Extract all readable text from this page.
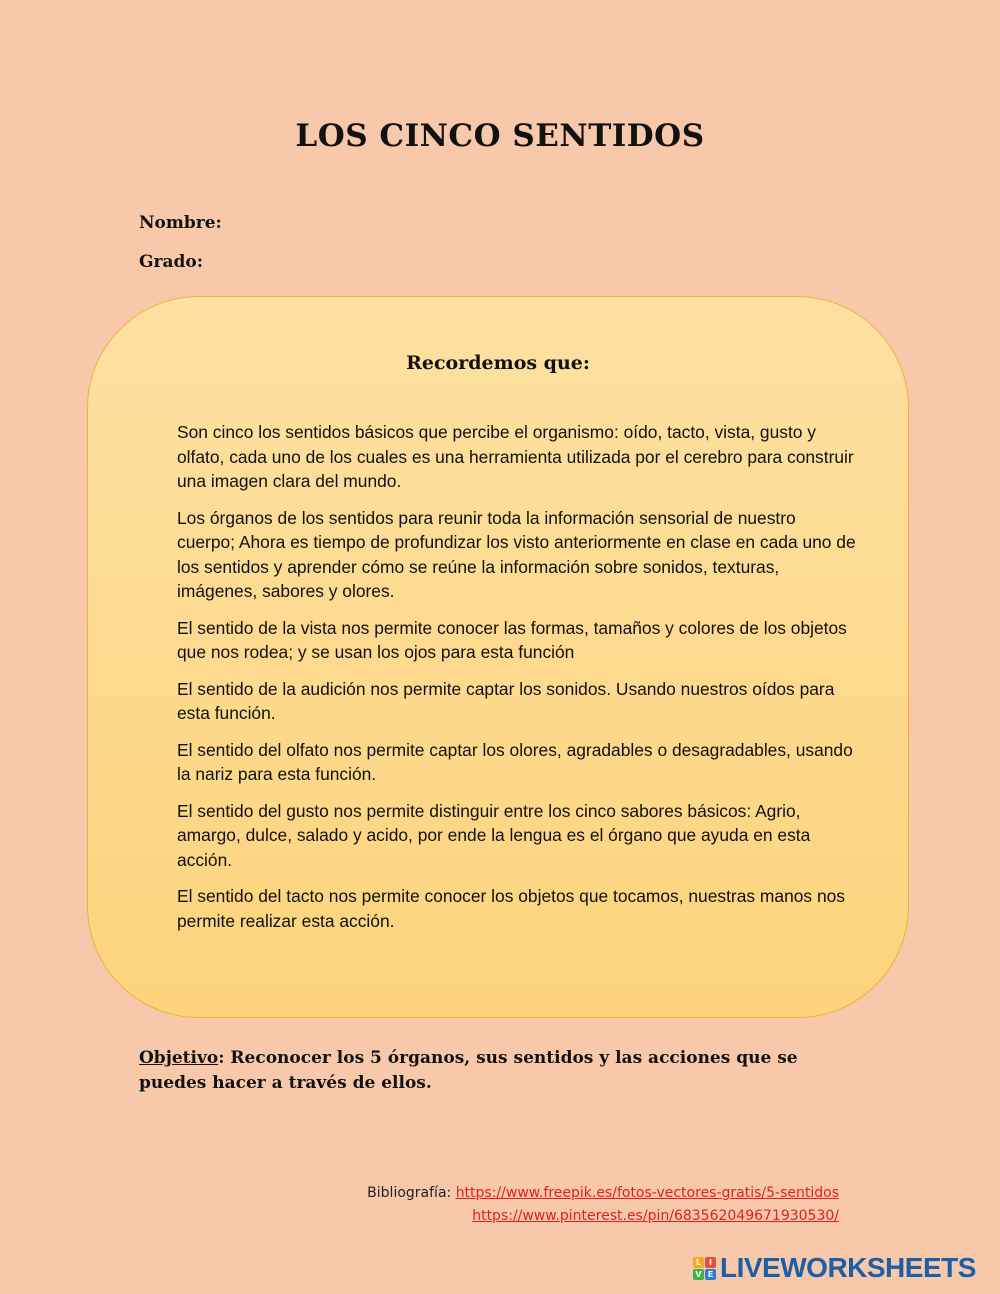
LOS CINCO SENTIDOS
Nombre:
Grado:
Recordemos que:

Son cinco los sentidos básicos que percibe el organismo: oído, tacto, vista, gusto y olfato, cada uno de los cuales es una herramienta utilizada por el cerebro para construir una imagen clara del mundo.

Los órganos de los sentidos para reunir toda la información sensorial de nuestro cuerpo; Ahora es tiempo de profundizar los visto anteriormente en clase en cada uno de los sentidos y aprender cómo se reúne la información sobre sonidos, texturas, imágenes, sabores y olores.

El sentido de la vista nos permite conocer las formas, tamaños y colores de los objetos que nos rodea; y se usan los ojos para esta función

El sentido de la audición nos permite captar los sonidos. Usando nuestros oídos para esta función.

El sentido del olfato nos permite captar los olores, agradables o desagradables, usando la nariz para esta función.

El sentido del gusto nos permite distinguir entre los cinco sabores básicos: Agrio, amargo, dulce, salado y acido, por ende la lengua es el órgano que ayuda en esta acción.

El sentido del tacto nos permite conocer los objetos que tocamos, nuestras manos nos permite realizar esta acción.

Objetivo: Reconocer los 5 órganos, sus sentidos y las acciones que se puedes hacer a través de ellos.
Bibliografía: https://www.freepik.es/fotos-vectores-gratis/5-sentidos
https://www.pinterest.es/pin/683562049671930530/
L I
V E LIVEWORKSHEETS
